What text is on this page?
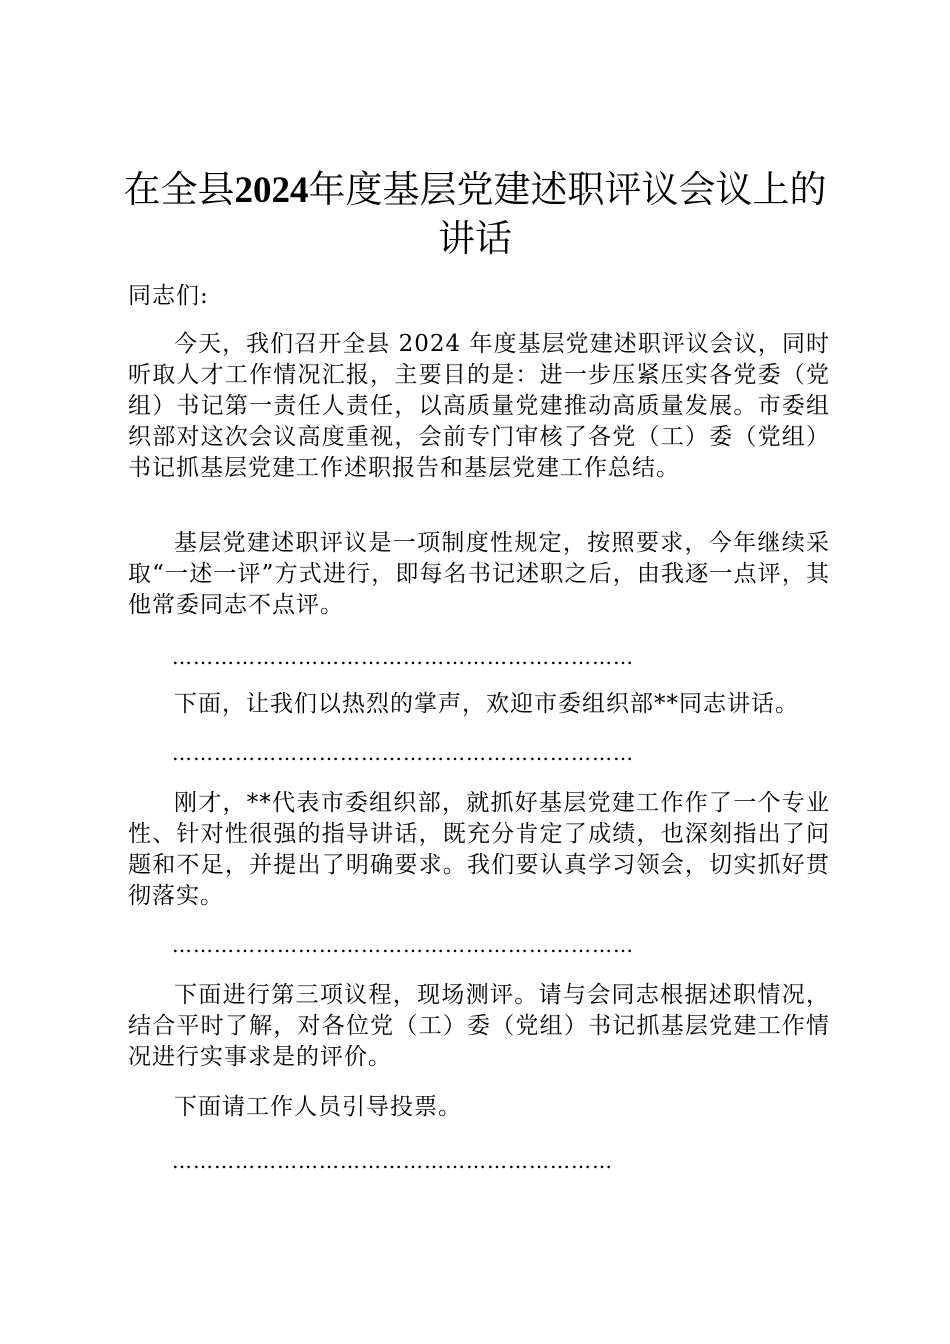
在全县2024年度基层党建述职评议会议上的讲话

同志们:

今天，我们召开全县 2024 年度基层党建述职评议会议，同时听取人才工作情况汇报，主要目的是：进一步压紧压实各党委（党组）书记第一责任人责任，以高质量党建推动高质量发展。市委组织部对这次会议高度重视，会前专门审核了各党（工）委（党组）书记抓基层党建工作述职报告和基层党建工作总结。

基层党建述职评议是一项制度性规定，按照要求，今年继续采取“一述一评”方式进行，即每名书记述职之后，由我逐一点评，其他常委同志不点评。

…………………………………………………………

下面，让我们以热烈的掌声，欢迎市委组织部**同志讲话。

…………………………………………………………

刚才，**代表市委组织部，就抓好基层党建工作作了一个专业性、针对性很强的指导讲话，既充分肯定了成绩，也深刻指出了问题和不足，并提出了明确要求。我们要认真学习领会，切实抓好贯彻落实。

…………………………………………………………

下面进行第三项议程，现场测评。请与会同志根据述职情况，结合平时了解，对各位党（工）委（党组）书记抓基层党建工作情况进行实事求是的评价。

下面请工作人员引导投票。

………………………………………………………
